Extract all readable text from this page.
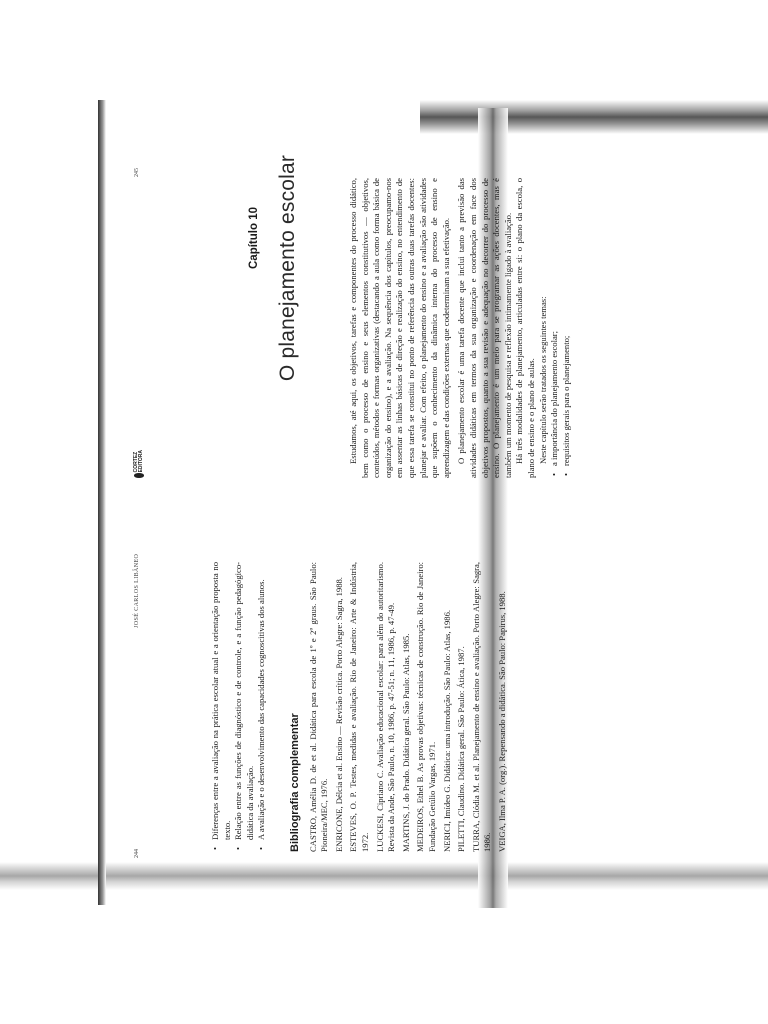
244
JOSÉ CARLOS LIBÂNEO	• Diferenças entre a avaliação na prática escolar atual e a orientação proposta no texto. • Relação entre as funções de diagnóstico e de controle, e a função pedagógico-didática da avaliação. • A avaliação e o desenvolvimento das capacidades cognoscitivas dos alunos. Bibliografia complementar CASTRO, Amélia D. de et al. Didática para escola de 1º e 2º graus. São Paulo: Pioneira/MEC, 1976. ENRICONE, Délcia et al. Ensino — Revisão crítica. Porto Alegre: Sagra, 1988. ESTEVES, O. P. Testes, medidas e avaliação. Rio de Janeiro: Arte & Indústria, 1972. LUCKESI, Cipriano C. Avaliação educacional escolar: para além do autoritarismo. Revista da Ande, São Paulo, n. 10, 1986, p. 47-51; n. 11, 1986, p. 47-49. MARTINS, J. do Prado. Didática geral. São Paulo: Atlas, 1985. MEDEIROS, Ethel B. As provas objetivas: técnicas de construção. Rio de Janeiro: Fundação Getúlio Vargas, 1971. NERICI, Imídeo G. Didática: uma introdução. São Paulo: Atlas, 1986. PILETTI, Claudino. Didática geral. São Paulo: Ática, 1987. TURRA, Clódia M. et al. Planejamento de ensino e avaliação. Porto Alegre: Sagra, 1986. VEIGA, Ilma P. A. (org.). Repensando a didática. São Paulo: Papirus, 1988.

CORTEZ EDITORA
245
Capítulo 10 O planejamento escolar	Estudamos, até aqui, os objetivos, tarefas e componentes do processo didático, bem como o processo de ensino e seus elementos constitutivos — objetivos, conteúdos, métodos e formas organizativas (destacando a aula como forma básica de organização do ensino), e a avaliação. Na sequência dos capítulos, preocupamo-nos em assentar as linhas básicas de direção e realização do ensino, no entendimento de que essa tarefa se constitui no ponto de referência das outras duas tarefas docentes: planejar e avaliar. Com efeito, o planejamento do ensino e a avaliação são atividades que supõem o conhecimento da dinâmica interna do processo de ensino e aprendizagem e das condições externas que codeterminam a sua efetivação. O planejamento escolar é uma tarefa docente que inclui tanto a previsão das atividades didáticas em termos da sua organização e coordenação em face dos objetivos propostos, quanto a sua revisão e adequação no decorrer do processo de ensino. O planejamento é um meio para se programar as ações docentes, mas é também um momento de pesquisa e reflexão intimamente ligado à avaliação. Há três modalidades de planejamento, articuladas entre si: o plano da escola, o plano de ensino e o plano de aulas. Neste capítulo serão tratados os seguintes temas: • a importância do planejamento escolar; • requisitos gerais para o planejamento;
